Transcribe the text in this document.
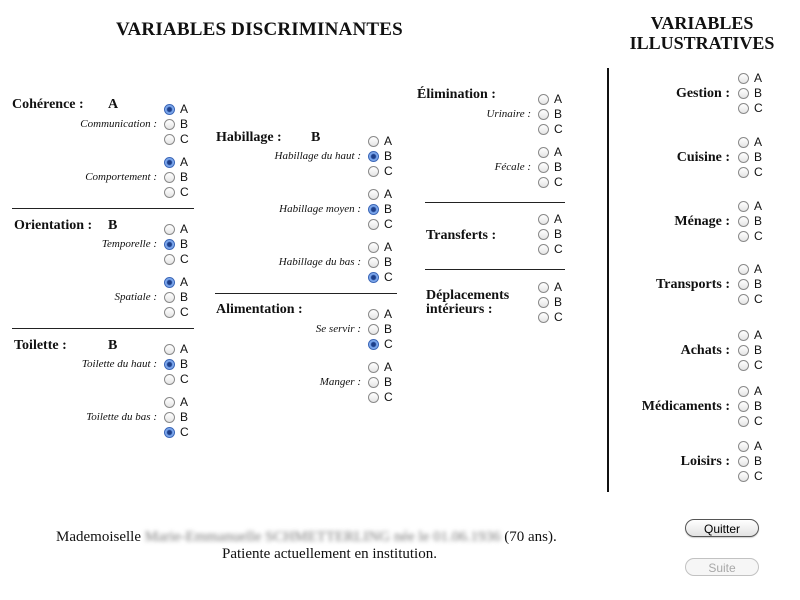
VARIABLES DISCRIMINANTES	VARIABLES
ILLUSTRATIVES
Cohérence : A
Communication :
A
B
C
Comportement :
A
B
C
Orientation : B
Temporelle :
A
B
C
Spatiale :
A
B
C
Toilette :	B
Toilette du haut :
A
B
C
Toilette du bas :
A
B
C
Habillage : B
Habillage du haut :
A
B
C
Habillage moyen :
A
B
C
Habillage du bas :
A
B
C
Alimentation :
Se servir :
A
B
C
Manger :
A
B
C
Élimination :
Urinaire :
A
B
C
Fécale :
A
B
C
Transferts :
A
B
C
Déplacements
intérieurs :
A
B
C
Gestion :
A
B
C
Cuisine :
A
B
C
Ménage :
A
B
C
Transports :
A
B
C
Achats :
A
B
C
Médicaments :
A
B
C
Loisirs :
A
B
C
Mademoiselle Marie-Emmanuelle SCHMETTERLING née le 01.06.1936 (70 ans).
Patiente actuellement en institution.
Quitter
Suite
